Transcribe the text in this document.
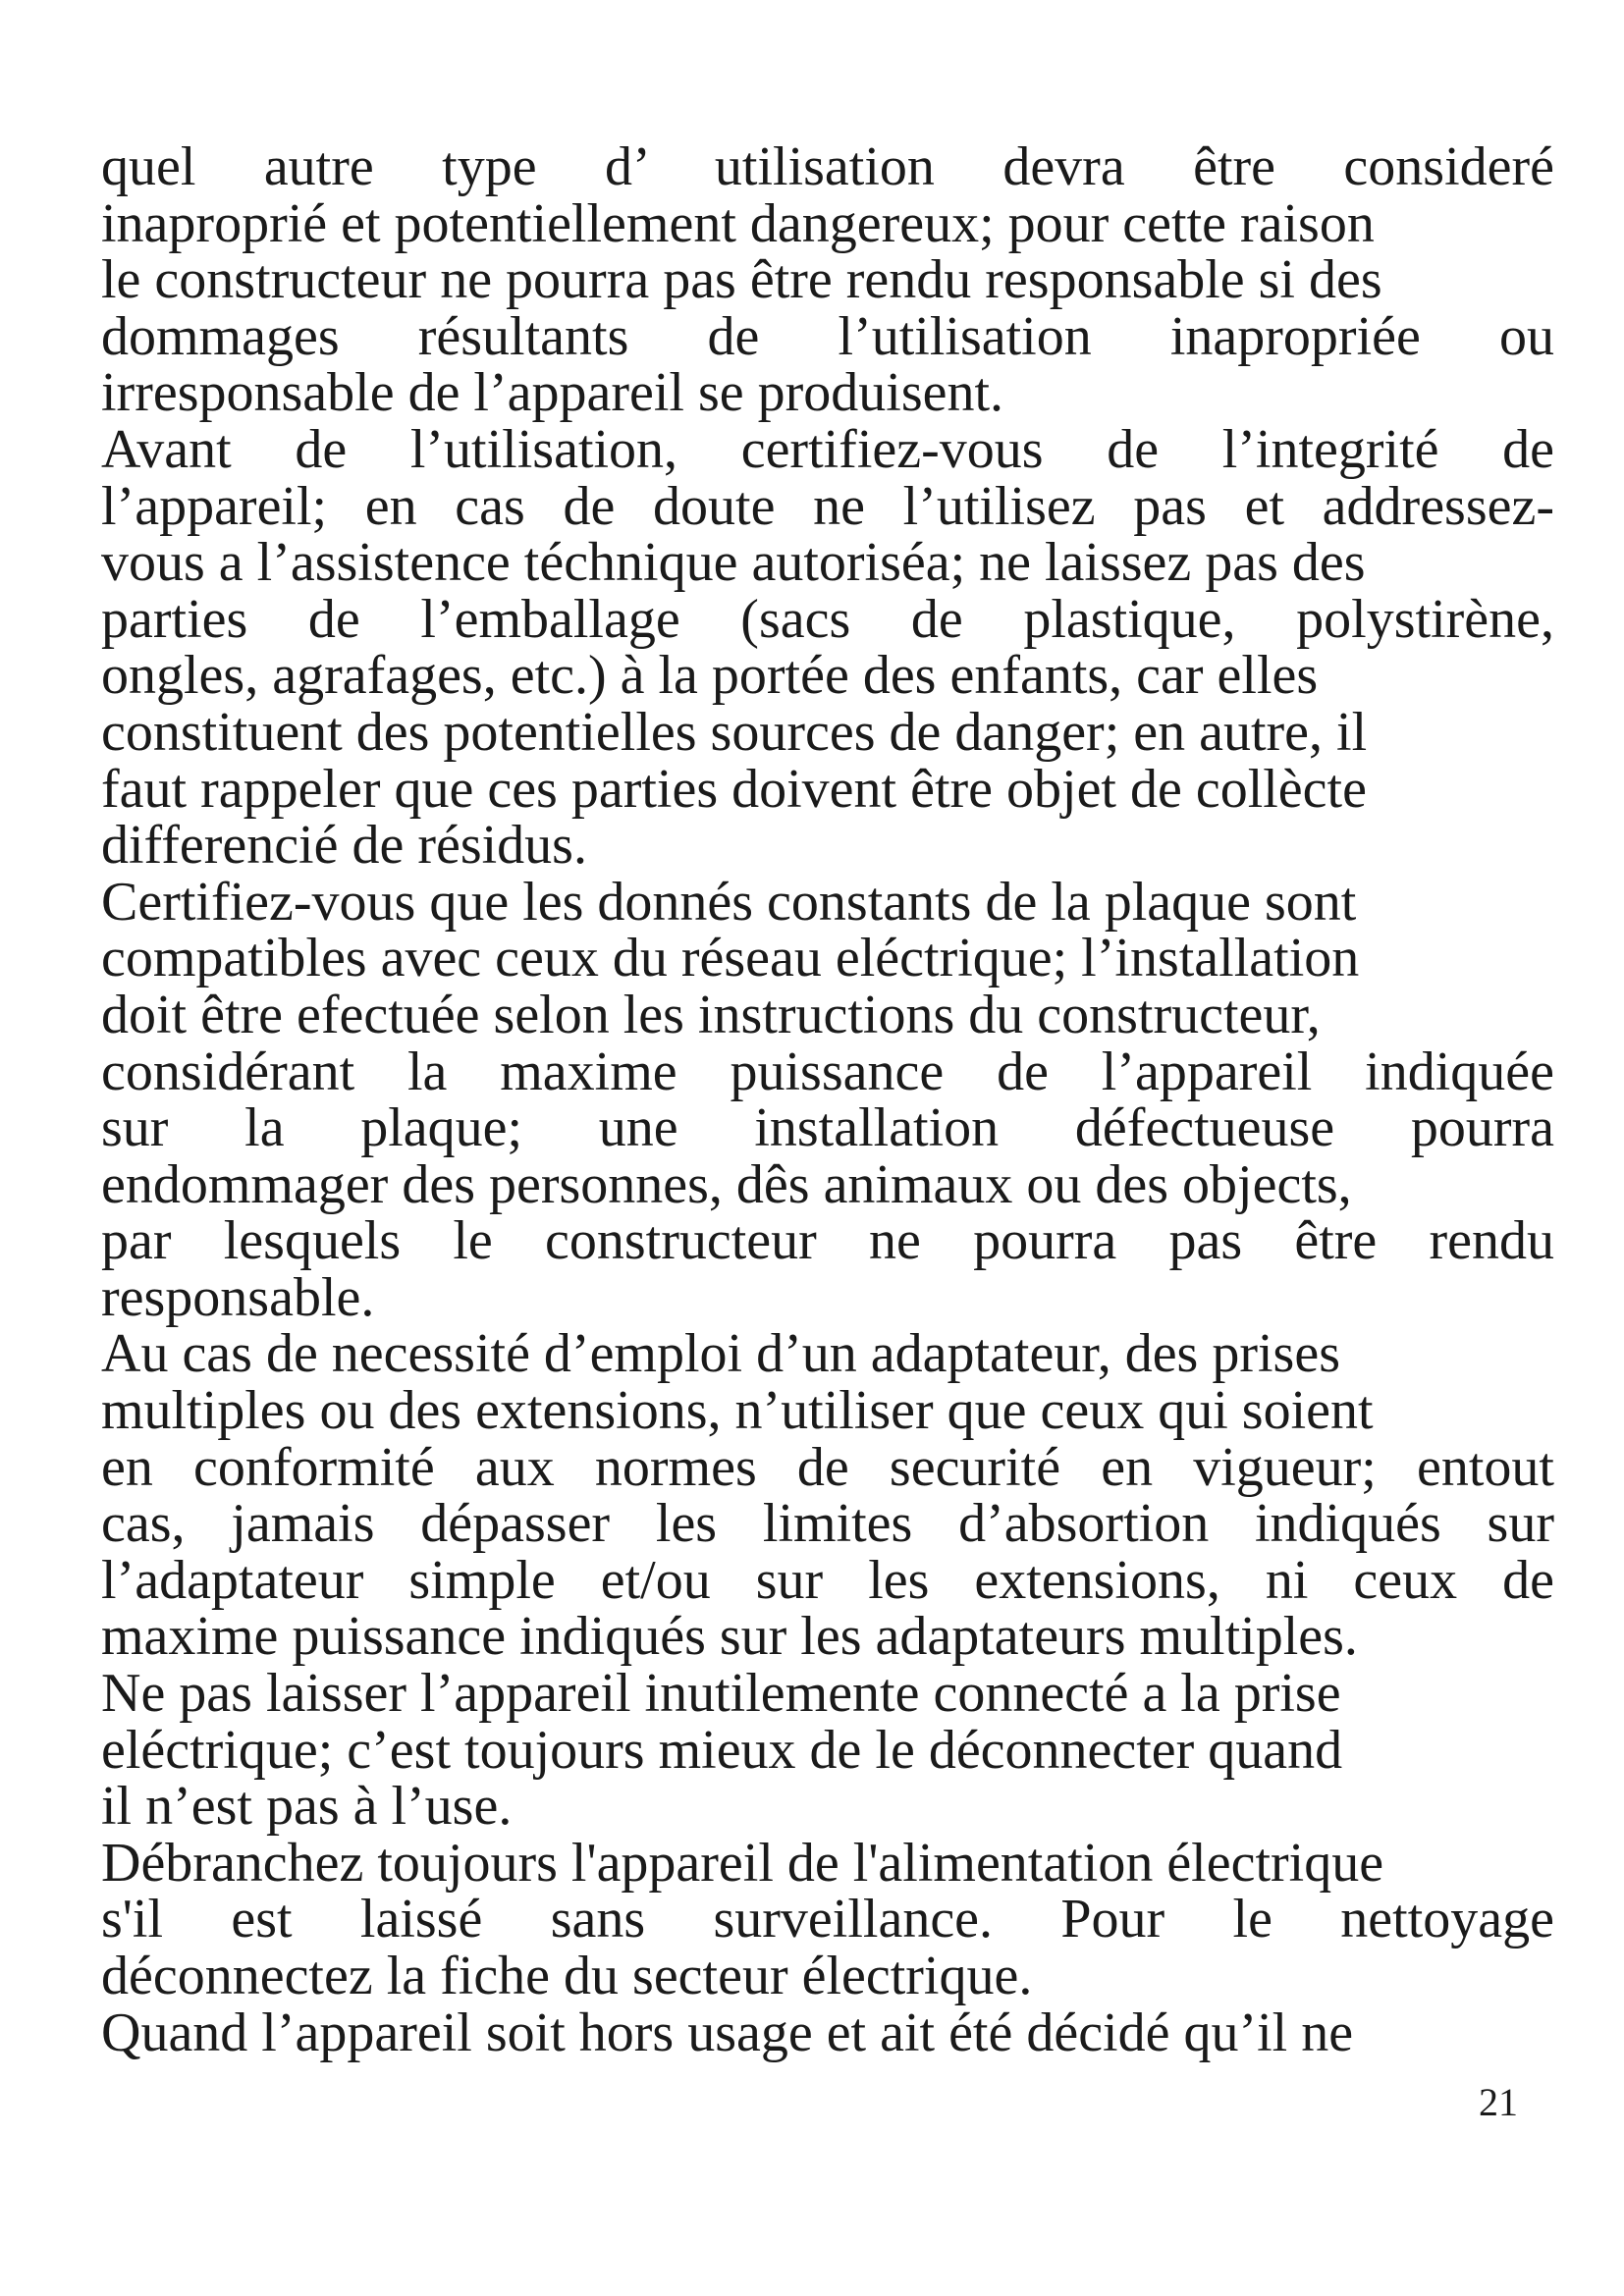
quel autre type d’ utilisation devra être consideré
inaproprié et potentiellement dangereux; pour cette raison
le constructeur ne pourra pas être rendu responsable si des
dommages résultants de l’utilisation inapropriée ou
irresponsable de l’appareil se produisent.
Avant de l’utilisation, certifiez-vous de l’integrité de
l’appareil; en cas de doute ne l’utilisez pas et addressez-
vous a l’assistence téchnique autoriséa; ne laissez pas des
parties de l’emballage (sacs de plastique, polystirène,
ongles, agrafages, etc.) à la portée des enfants, car elles
constituent des potentielles sources de danger; en autre, il
faut rappeler que ces parties doivent être objet de collècte
differencié de résidus.
Certifiez-vous que les donnés constants de la plaque sont
compatibles avec ceux du réseau eléctrique; l’installation
doit être efectuée selon les instructions du constructeur,
considérant la maxime puissance de l’appareil indiquée
sur la plaque; une installation défectueuse pourra
endommager des personnes, dês animaux ou des objects,
par lesquels le constructeur ne pourra pas être rendu
responsable.
Au cas de necessité d’emploi d’un adaptateur, des prises
multiples ou des extensions, n’utiliser que ceux qui soient
en conformité aux normes de securité en vigueur; entout
cas, jamais dépasser les limites d’absortion indiqués sur
l’adaptateur simple et/ou sur les extensions, ni ceux de
maxime puissance indiqués sur les adaptateurs multiples.
Ne pas laisser l’appareil inutilemente connecté a la prise
eléctrique; c’est toujours mieux de le déconnecter quand
il n’est pas à l’use.
Débranchez toujours l'appareil de l'alimentation électrique
s'il est laissé sans surveillance. Pour le nettoyage
déconnectez la fiche du secteur électrique.
Quand l’appareil soit hors usage et ait été décidé qu’il ne
21
